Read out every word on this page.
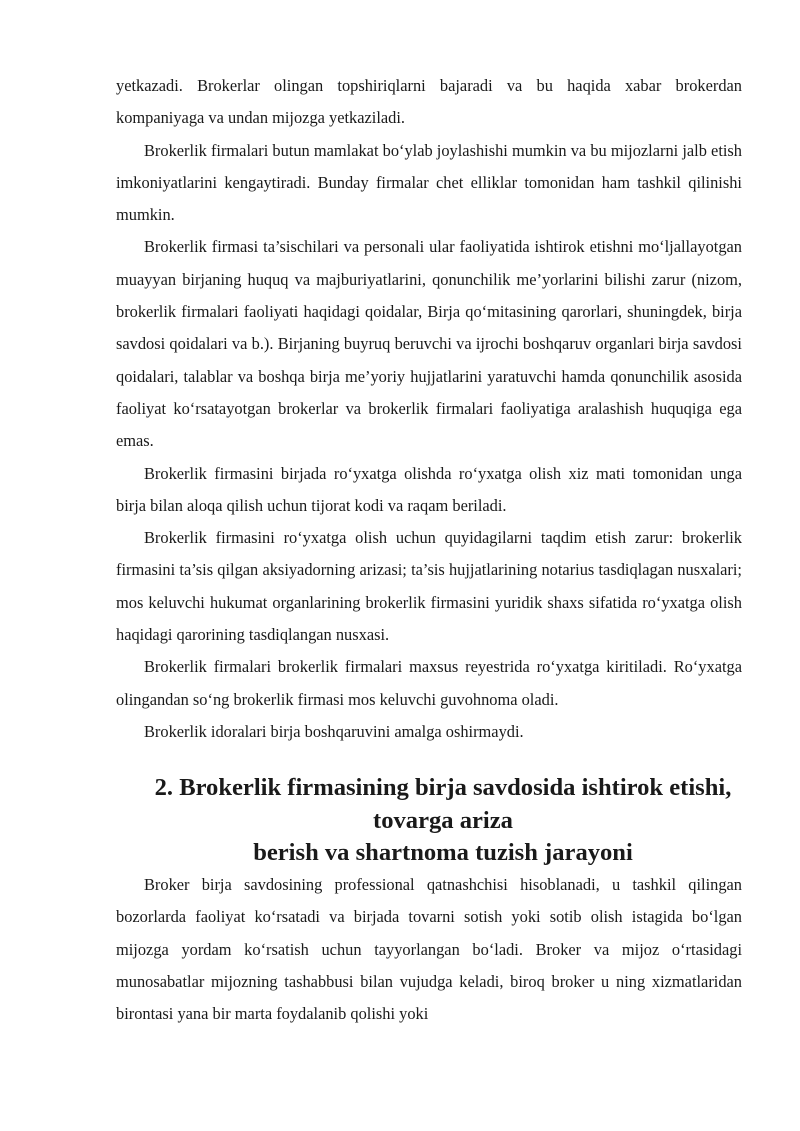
yetkazadi. Brokerlar olingan topshiriqlarni bajaradi va bu haqida xabar brokerdan kompaniyaga va undan mijozga yetkaziladi.

Brokerlik firmalari butun mamlakat bo‘ylab joylashishi mumkin va bu mijozlarni jalb etish imkoniyatlarini kengaytiradi. Bunday firmalar chet elliklar tomonidan ham tashkil qilinishi mumkin.

Brokerlik firmasi ta’sischilari va personali ular faoliyatida ishtirok etishni mo‘ljallayotgan muayyan birjaning huquq va majburiyatlarini, qonunchilik me’yorlarini bilishi zarur (nizom, brokerlik firmalari faoliyati haqidagi qoidalar, Birja qo‘mitasining qarorlari, shuningdek, birja savdosi qoidalari va b.). Birjaning buyruq beruvchi va ijrochi boshqaruv organlari birja savdosi qoidalari, talablar va boshqa birja me’yoriy hujjatlarini yaratuvchi hamda qonunchilik asosida faoliyat ko‘rsatayotgan brokerlar va brokerlik firmalari faoliyatiga aralashish huquqiga ega emas.

Brokerlik firmasini birjada ro‘yxatga olishda ro‘yxatga olish xiz mati tomonidan unga birja bilan aloqa qilish uchun tijorat kodi va raqam beriladi.

Brokerlik firmasini ro‘yxatga olish uchun quyidagilarni taqdim etish zarur: brokerlik firmasini ta’sis qilgan aksiyadorning arizasi; ta’sis hujjatlarining notarius tasdiqlagan nusxalari; mos keluvchi hukumat organlarining brokerlik firmasini yuridik shaxs sifatida ro‘yxatga olish haqidagi qarorining tasdiqlangan nusxasi.

Brokerlik firmalari brokerlik firmalari maxsus reyestrida ro‘yxatga kiritiladi. Ro‘yxatga olingandan so‘ng brokerlik firmasi mos keluvchi guvohnoma oladi.

Brokerlik idoralari birja boshqaruvini amalga oshirmaydi.

2. Brokerlik firmasining birja savdosida ishtirok etishi, tovarga ariza
berish va shartnoma tuzish jarayoni

Broker birja savdosining professional qatnashchisi hisoblanadi, u tashkil qilingan bozorlarda faoliyat ko‘rsatadi va birjada tovarni sotish yoki sotib olish istagida bo‘lgan mijozga yordam ko‘rsatish uchun tayyorlangan bo‘ladi. Broker va mijoz o‘rtasidagi munosabatlar mijozning tashabbusi bilan vujudga keladi, biroq broker u ning xizmatlaridan birontasi yana bir marta foydalanib qolishi yoki
